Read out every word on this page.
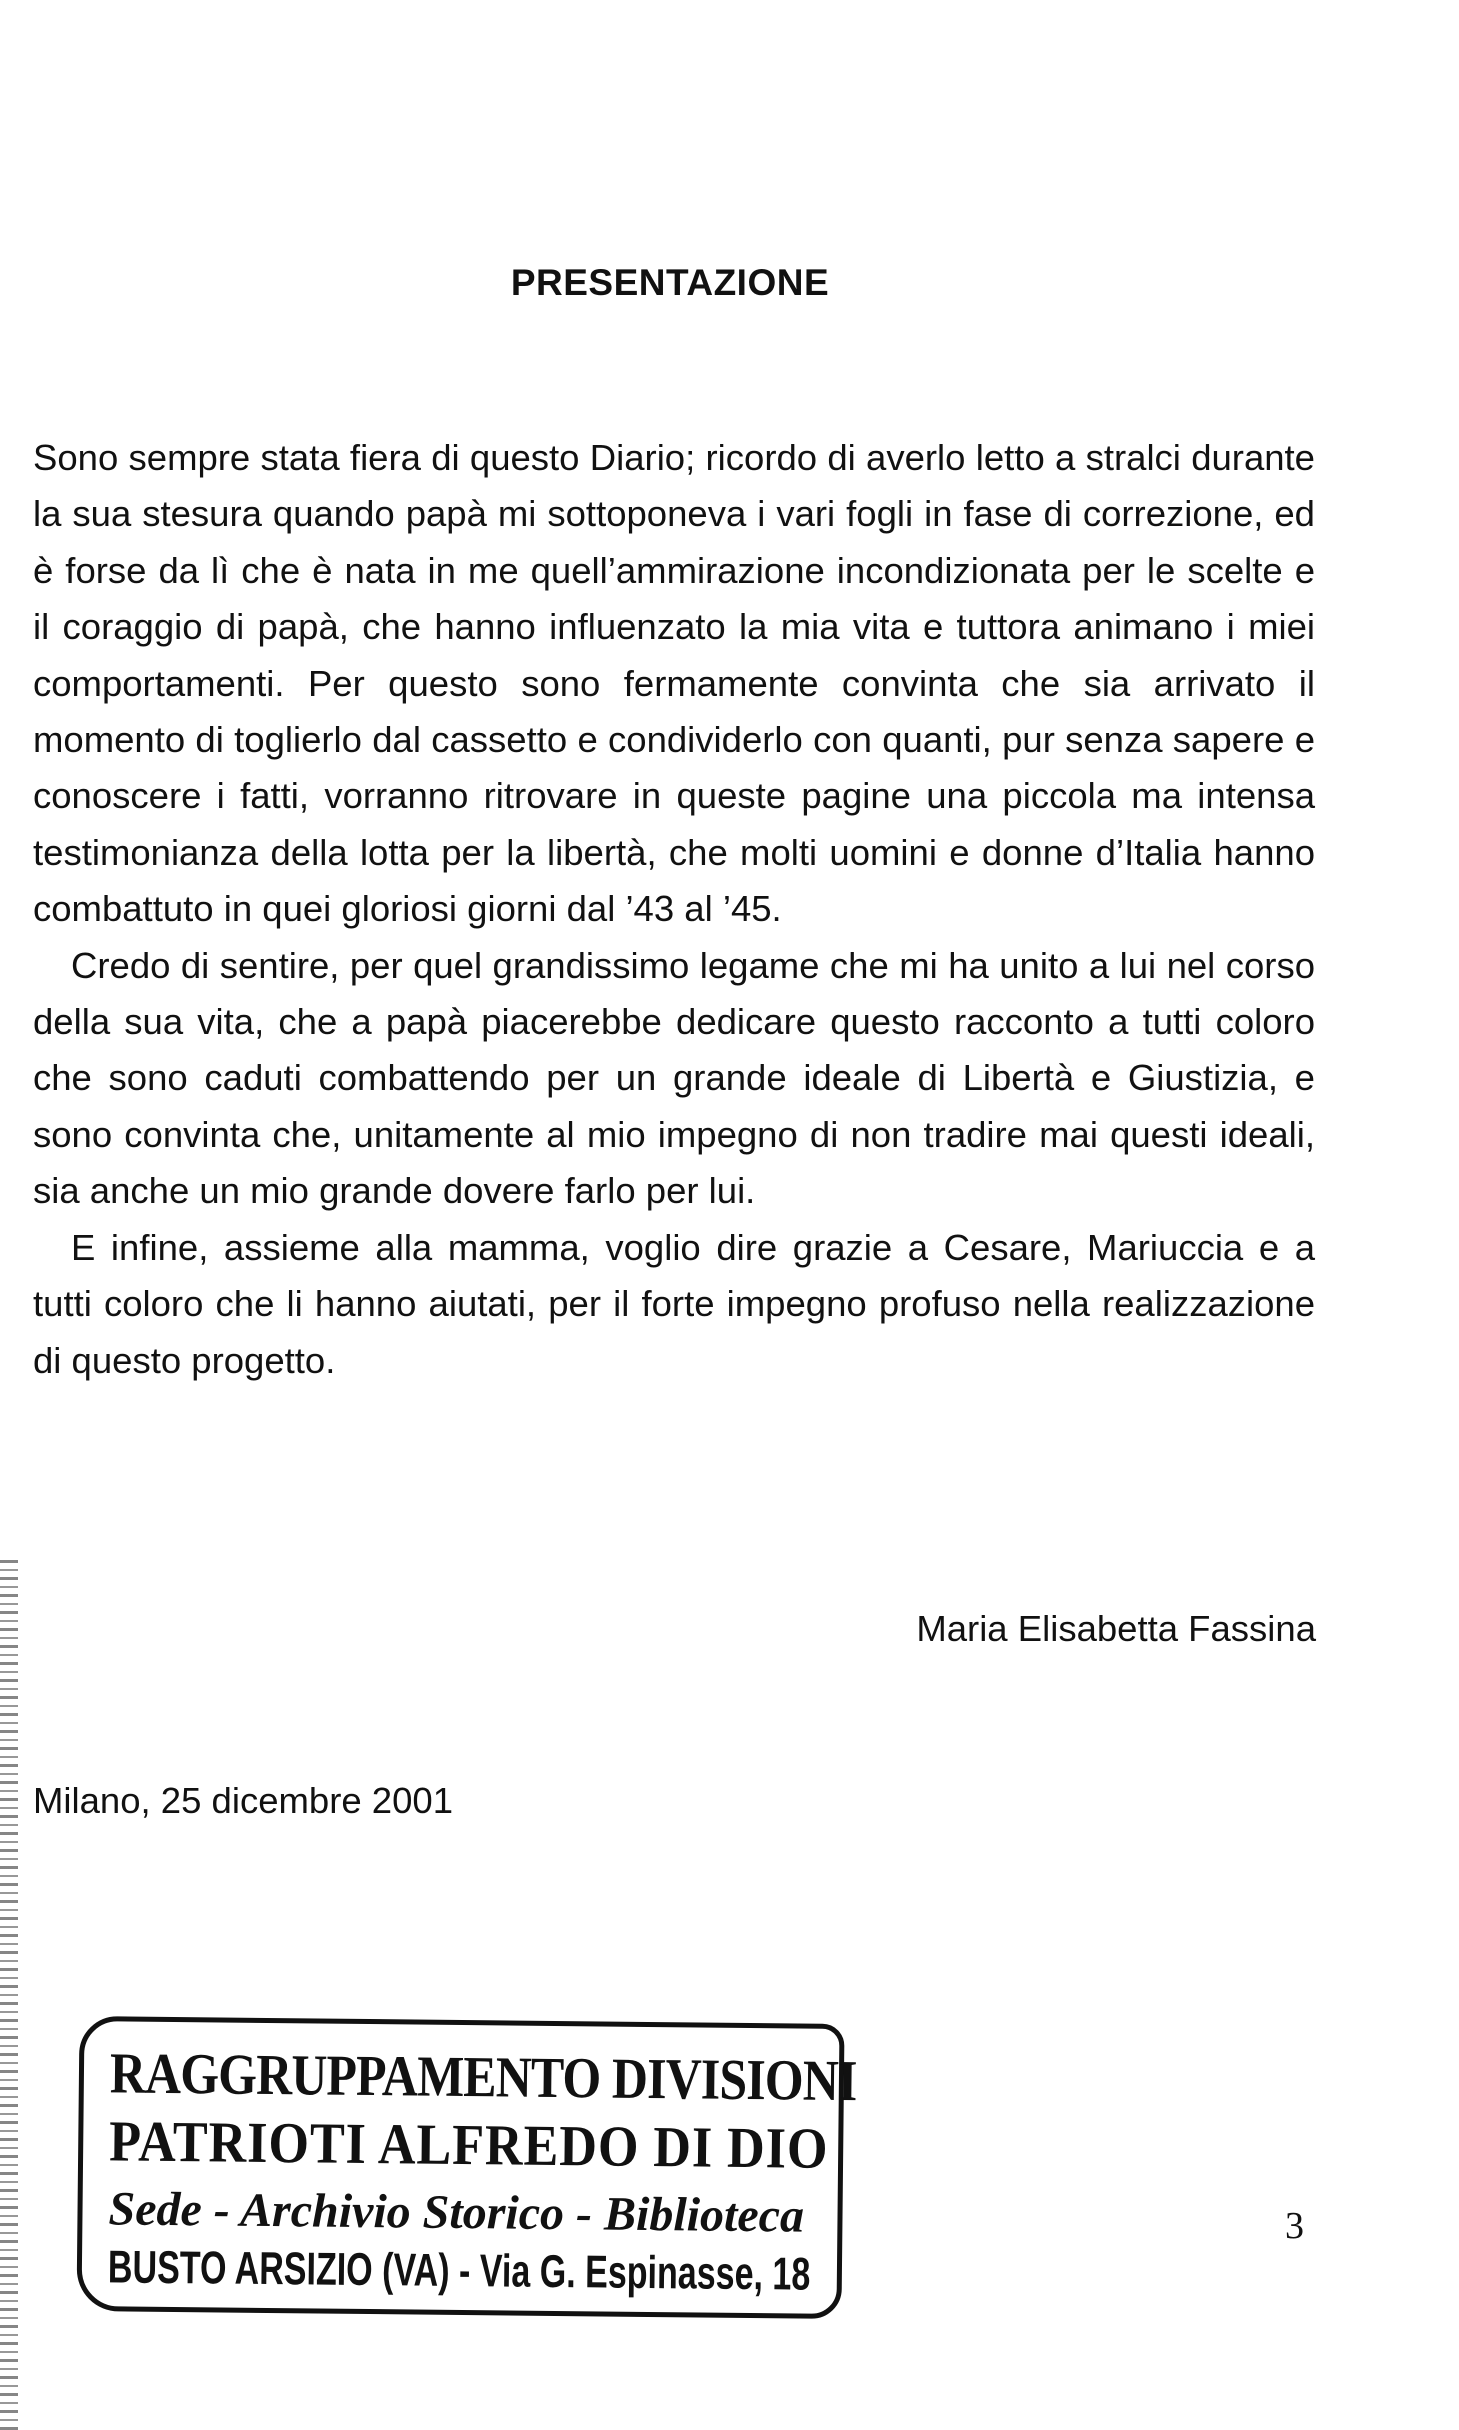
PRESENTAZIONE

Sono sempre stata fiera di questo Diario; ricordo di averlo letto a stralci durante la sua stesura quando papà mi sottoponeva i vari fogli in fase di correzione, ed è forse da lì che è nata in me quell’ammirazione incondizionata per le scelte e il coraggio di papà, che hanno influenzato la mia vita e tuttora animano i miei comportamenti. Per questo sono fermamente convinta che sia arrivato il momento di toglierlo dal cassetto e condividerlo con quanti, pur senza sapere e conoscere i fatti, vorranno ritrovare in queste pagine una piccola ma intensa testimonianza della lotta per la libertà, che molti uomini e donne d’Italia hanno combattuto in quei gloriosi giorni dal ’43 al ’45.

Credo di sentire, per quel grandissimo legame che mi ha unito a lui nel corso della sua vita, che a papà piacerebbe dedicare questo racconto a tutti coloro che sono caduti combattendo per un grande ideale di Libertà e Giustizia, e sono convinta che, unitamente al mio impegno di non tradire mai questi ideali, sia anche un mio grande dovere farlo per lui.

E infine, assieme alla mamma, voglio dire grazie a Cesare, Mariuccia e a tutti coloro che li hanno aiutati, per il forte impegno profuso nella realizzazione di questo progetto.

Maria Elisabetta Fassina
Milano, 25 dicembre 2001
RAGGRUPPAMENTO DIVISIONI
PATRIOTI ALFREDO DI DIO
Sede - Archivio Storico - Biblioteca
BUSTO ARSIZIO (VA) - Via G. Espinasse, 18
3
